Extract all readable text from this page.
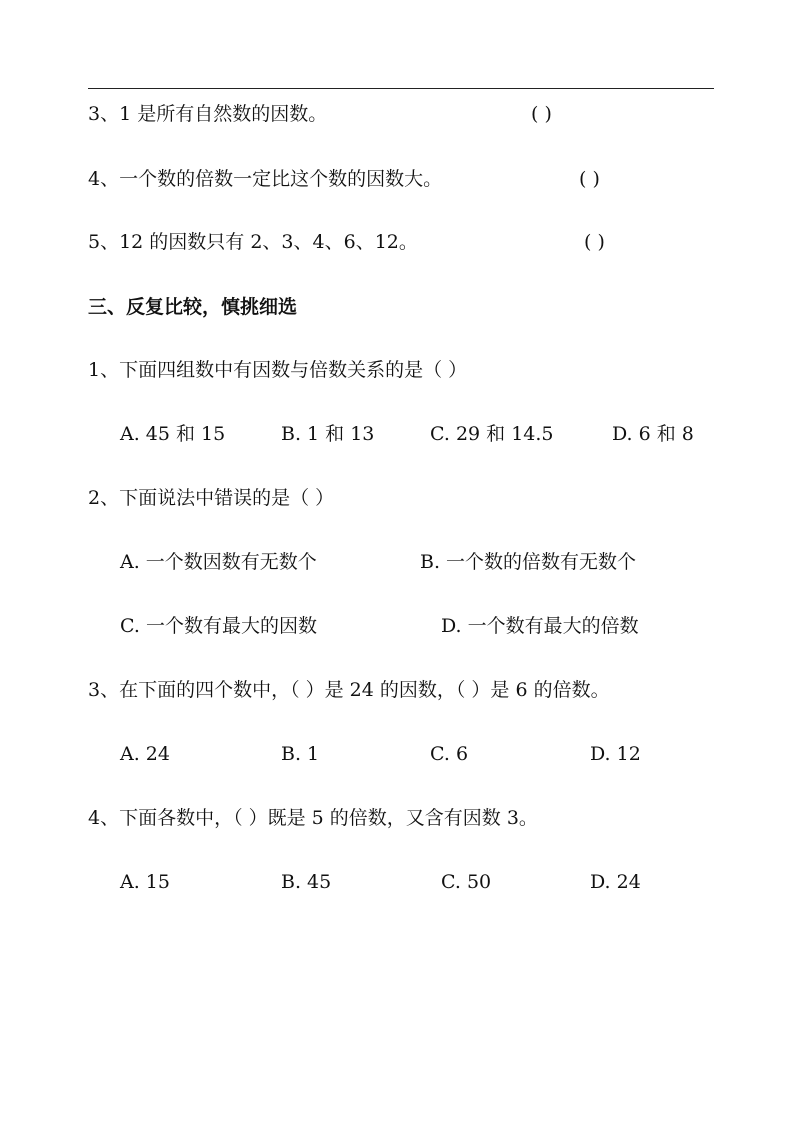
3、1 是所有自然数的因数。	( )
4、一个数的倍数一定比这个数的因数大。	( )
5、12 的因数只有 2、3、4、6、12。	( )
三、反复比较，慎挑细选
1、下面四组数中有因数与倍数关系的是（ ）
A. 45 和 15	B. 1 和 13	C. 29 和 14.5	D. 6 和 8
2、下面说法中错误的是（ ）
A. 一个数因数有无数个	B. 一个数的倍数有无数个
C. 一个数有最大的因数	D. 一个数有最大的倍数
3、在下面的四个数中，（ ）是 24 的因数，（ ）是 6 的倍数。
A. 24	B. 1	C. 6	D. 12
4、下面各数中，（ ）既是 5 的倍数，又含有因数 3。
A. 15	B. 45	C. 50	D. 24
